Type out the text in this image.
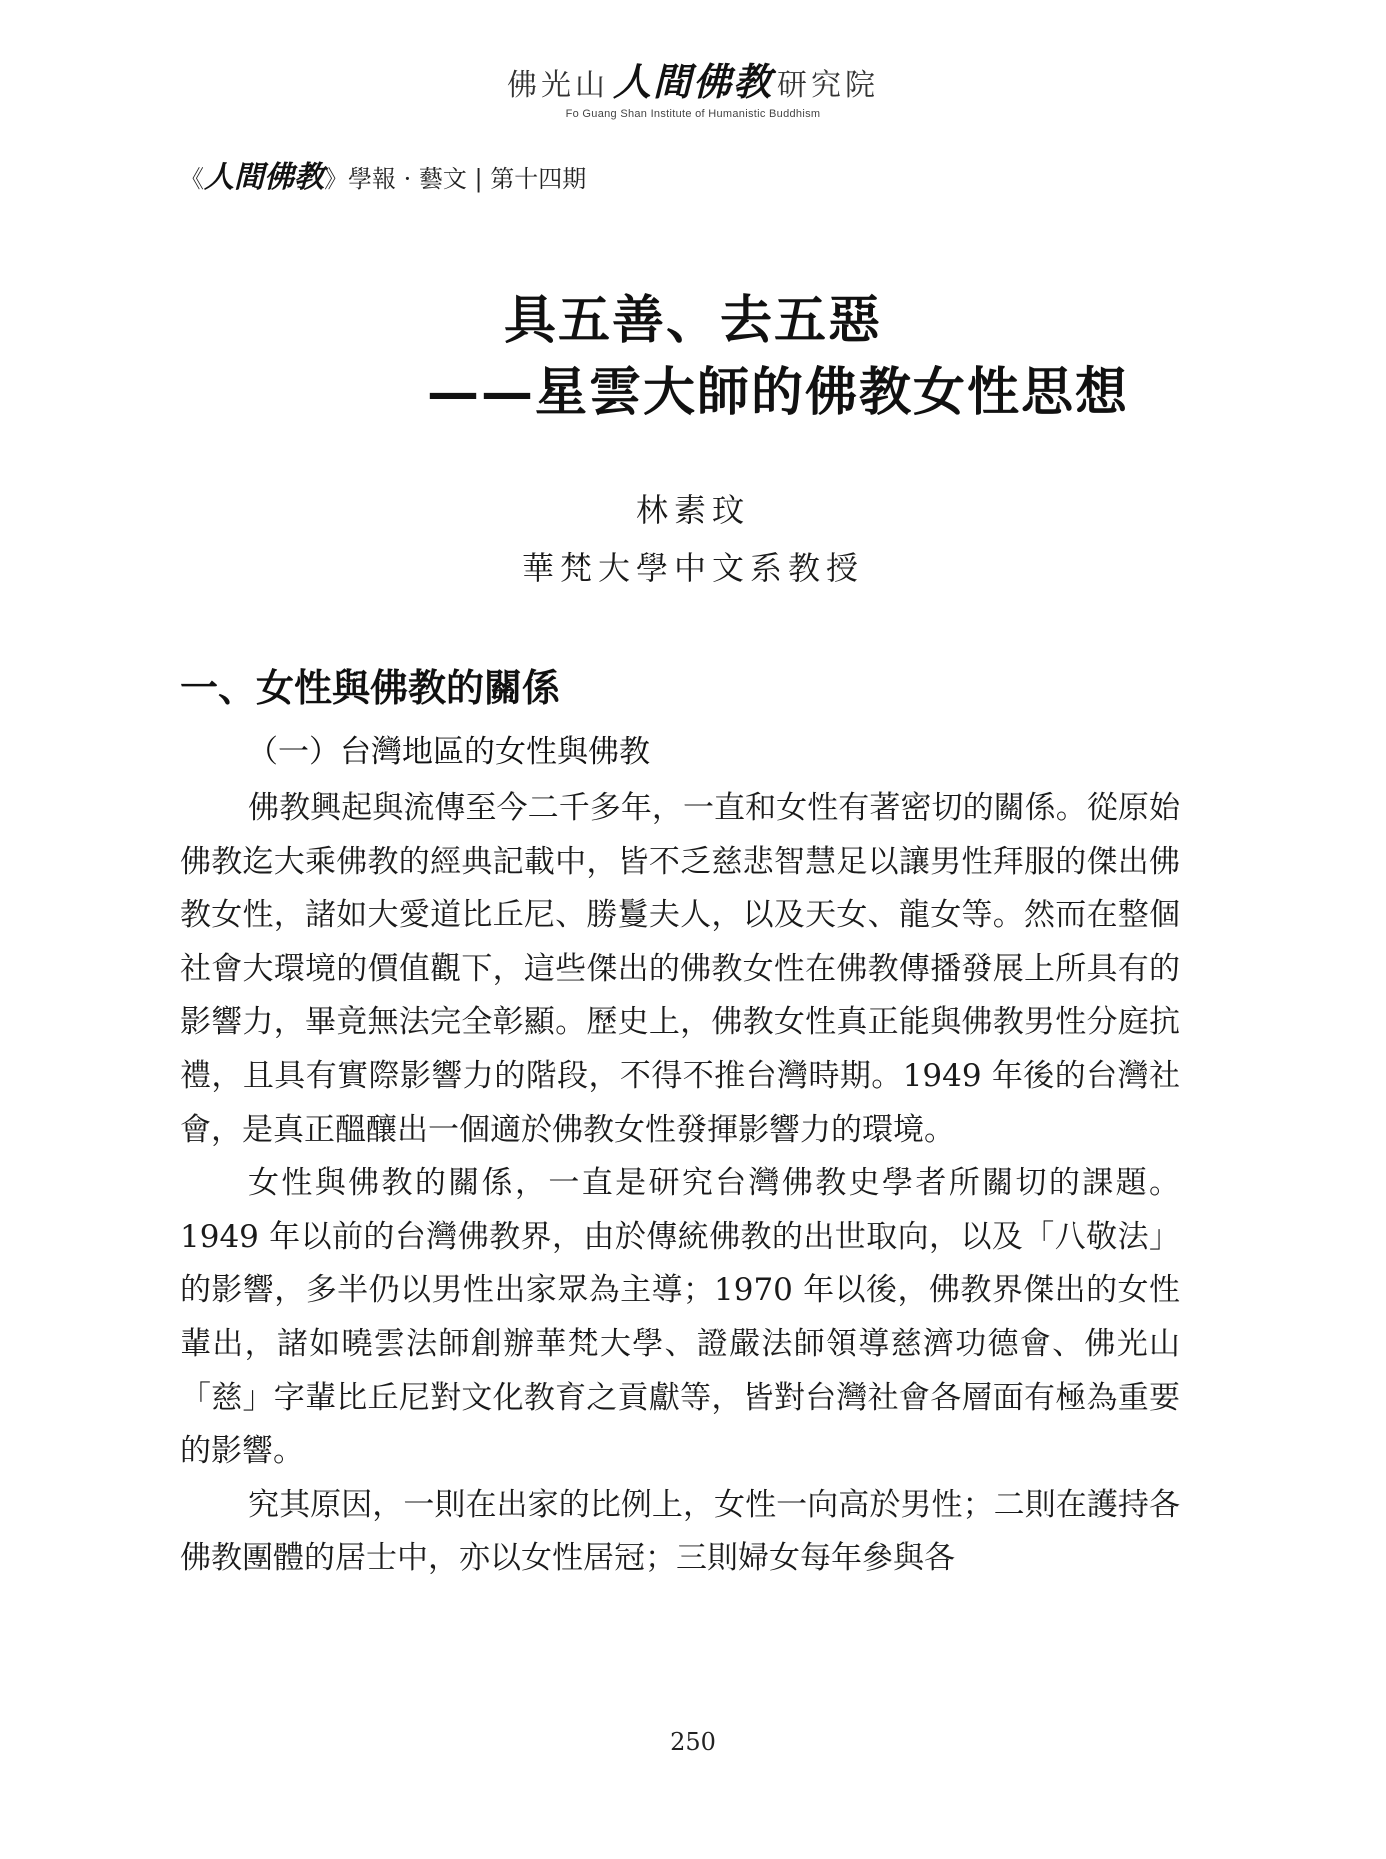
佛光山 人間佛教 研究院
Fo Guang Shan Institute of Humanistic Buddhism
《人間佛教》學報 · 藝文 | 第十四期
具五善、去五惡
——星雲大師的佛教女性思想
林素玟
華梵大學中文系教授
一、女性與佛教的關係
（一）台灣地區的女性與佛教

佛教興起與流傳至今二千多年，一直和女性有著密切的關係。從原始佛教迄大乘佛教的經典記載中，皆不乏慈悲智慧足以讓男性拜服的傑出佛教女性，諸如大愛道比丘尼、勝鬘夫人，以及天女、龍女等。然而在整個社會大環境的價值觀下，這些傑出的佛教女性在佛教傳播發展上所具有的影響力，畢竟無法完全彰顯。歷史上，佛教女性真正能與佛教男性分庭抗禮，且具有實際影響力的階段，不得不推台灣時期。1949 年後的台灣社會，是真正醞釀出一個適於佛教女性發揮影響力的環境。

女性與佛教的關係，一直是研究台灣佛教史學者所關切的課題。1949 年以前的台灣佛教界，由於傳統佛教的出世取向，以及「八敬法」的影響，多半仍以男性出家眾為主導；1970 年以後，佛教界傑出的女性輩出，諸如曉雲法師創辦華梵大學、證嚴法師領導慈濟功德會、佛光山「慈」字輩比丘尼對文化教育之貢獻等，皆對台灣社會各層面有極為重要的影響。

究其原因，一則在出家的比例上，女性一向高於男性；二則在護持各佛教團體的居士中，亦以女性居冠；三則婦女每年參與各

250
